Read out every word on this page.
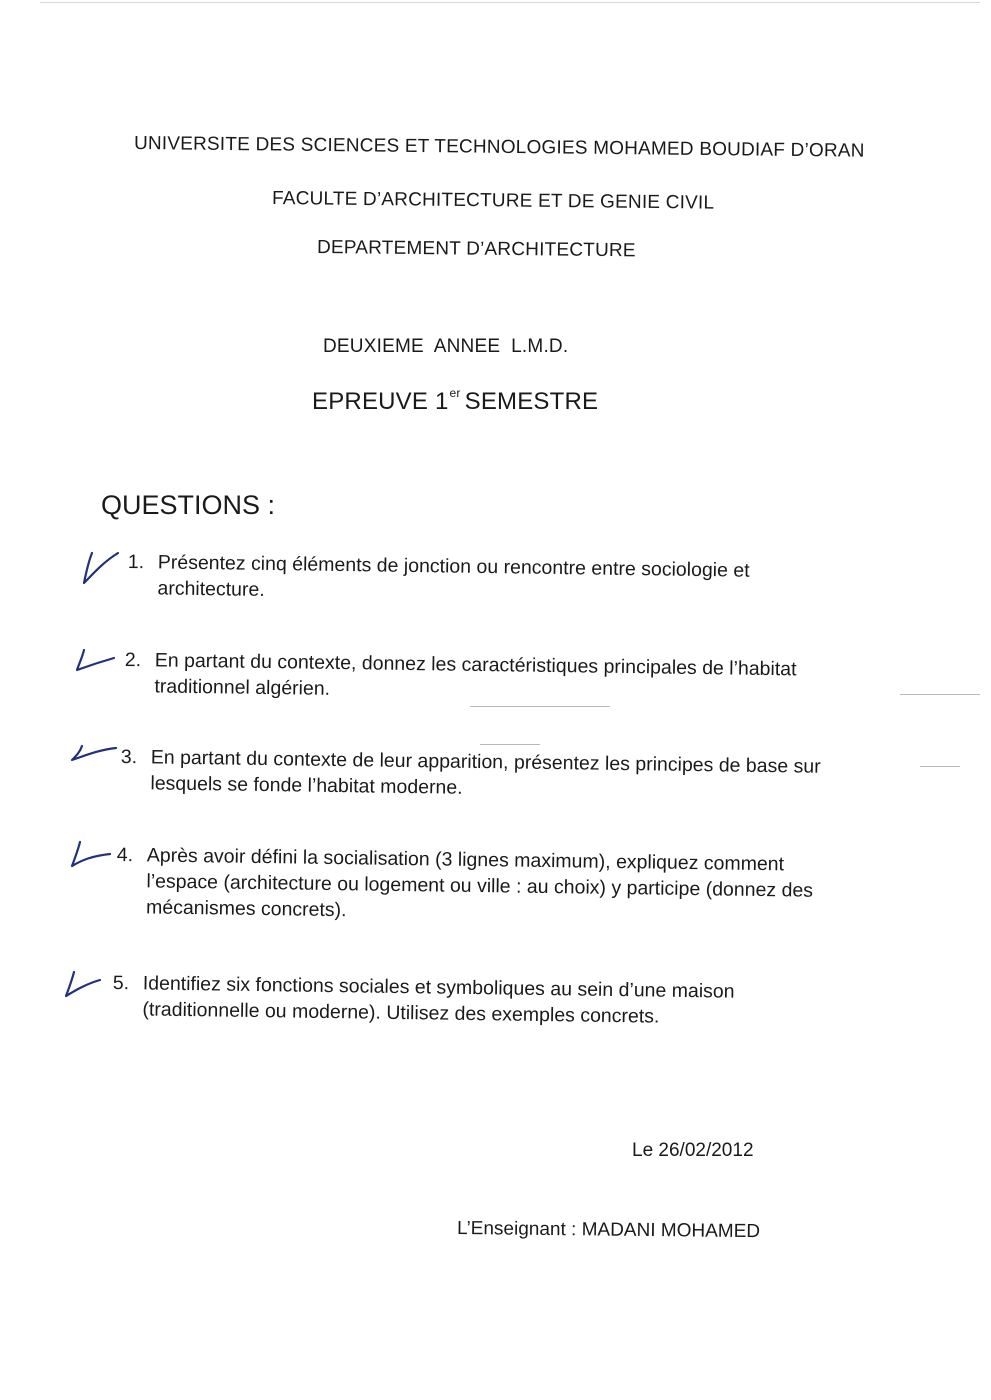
UNIVERSITE DES SCIENCES ET TECHNOLOGIES MOHAMED BOUDIAF D’ORAN
FACULTE D’ARCHITECTURE ET DE GENIE CIVIL
DEPARTEMENT D’ARCHITECTURE
DEUXIEME  ANNEE  L.M.D.
EPREUVE 1er SEMESTRE
QUESTIONS :
1. Présentez cinq éléments de jonction ou rencontre entre sociologie et architecture.
2. En partant du contexte, donnez les caractéristiques principales de l’habitat traditionnel algérien.
3. En partant du contexte de leur apparition, présentez les principes de base sur lesquels se fonde l’habitat moderne.
4. Après avoir défini la socialisation (3 lignes maximum), expliquez comment l’espace (architecture ou logement ou ville : au choix) y participe (donnez des mécanismes concrets).
5. Identifiez six fonctions sociales et symboliques au sein d’une maison (traditionnelle ou moderne). Utilisez des exemples concrets.
Le 26/02/2012
L’Enseignant : MADANI MOHAMED
